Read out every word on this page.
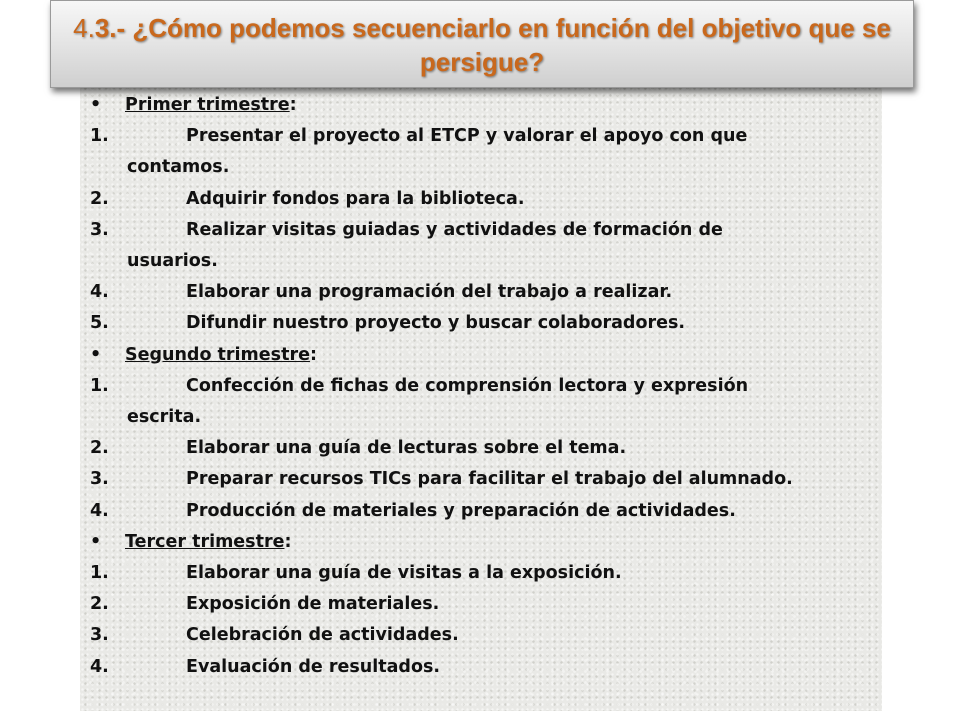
4.3.- ¿Cómo podemos secuenciarlo en función del objetivo que se persigue?

• Primer trimestre:
1.	Presentar el proyecto al ETCP y valorar el apoyo con que
contamos.
2.	Adquirir fondos para la biblioteca.
3.	Realizar visitas guiadas y actividades de formación de
usuarios.
4.	Elaborar una programación del trabajo a realizar.
5.	Difundir nuestro proyecto y buscar colaboradores.
• Segundo trimestre:
1.	Confección de fichas de comprensión lectora y expresión
escrita.
2.	Elaborar una guía de lecturas sobre el tema.
3.	Preparar recursos TICs para facilitar el trabajo del alumnado.
4.	Producción de materiales y preparación de actividades.
• Tercer trimestre:
1.	Elaborar una guía de visitas a la exposición.
2.	Exposición de materiales.
3.	Celebración de actividades.
4.	Evaluación de resultados.
